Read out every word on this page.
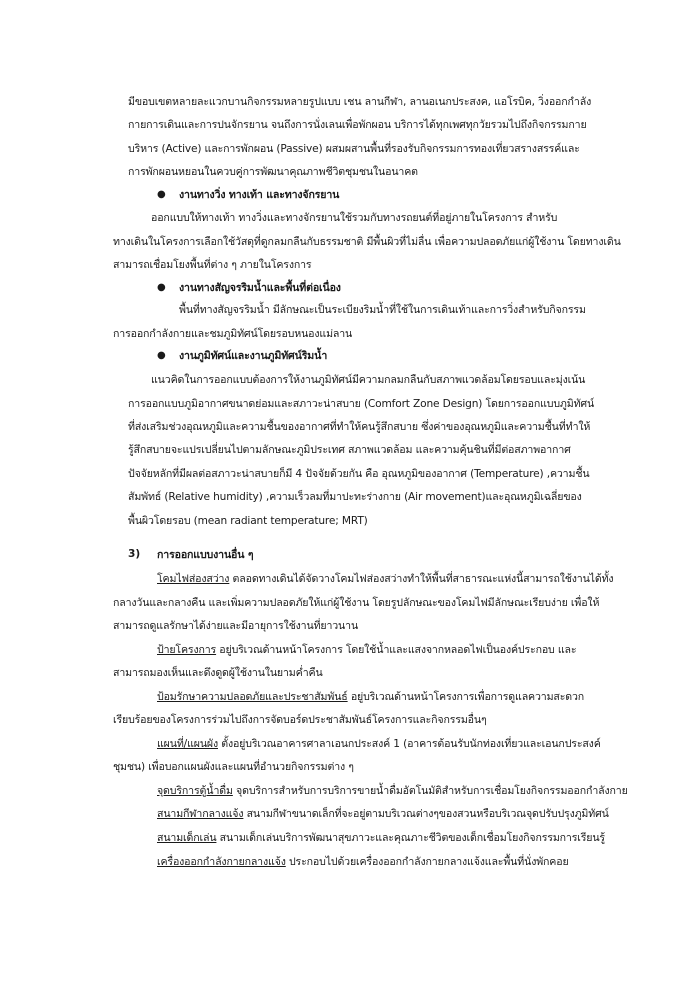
มีขอบเขตหลายละแวกบานกิจกรรมหลายรูปแบบ เชน ลานกีฬา, ลานอเนกประสงค, แอโรบิค, วิ่งออกกำลัง
กายการเดินและการปนจักรยาน จนถึงการนั่งเลนเพื่อพักผอน บริการได้ทุกเพศทุกวัยรวมไปถึงกิจกรรมกาย
บริหาร (Active) และการพักผอน (Passive) ผสมผสานพื้นที่รองรับกิจกรรมการทองเที่ยวสรางสรรค์และ
การพักผอนหยอนในควบคู่การพัฒนาคุณภาพชีวิตชุมชนในอนาคต
● งานทางวิ่ง ทางเท้า และทางจักรยาน
ออกแบบให้ทางเท้า ทางวิ่งและทางจักรยานใช้รวมกับทางรถยนต์ที่อยู่ภายในโครงการ สำหรับ
ทางเดินในโครงการเลือกใช้วัสดุที่ดูกลมกลืนกับธรรมชาติ มีพื้นผิวที่ไม่ลื่น เพื่อความปลอดภัยแก่ผู้ใช้งาน โดยทางเดิน
สามารถเชื่อมโยงพื้นที่ต่าง ๆ ภายในโครงการ
● งานทางสัญจรริมน้ำและพื้นที่ต่อเนื่อง
พื้นที่ทางสัญจรริมน้ำ มีลักษณะเป็นระเบียงริมน้ำที่ใช้ในการเดินเท้าและการวิ่งสำหรับกิจกรรม
การออกกำลังกายและชมภูมิทัศน์โดยรอบหนองแม่ลาน
● งานภูมิทัศน์และงานภูมิทัศน์ริมน้ำ
แนวคิดในการออกแบบต้องการให้งานภูมิทัศน์มีความกลมกลืนกับสภาพแวดล้อมโดยรอบและมุ่งเน้น
การออกแบบภูมิอากาศขนาดย่อมและสภาวะน่าสบาย (Comfort Zone Design) โดยการออกแบบภูมิทัศน์
ที่ส่งเสริมช่วงอุณหภูมิและความชื้นของอากาศที่ทำให้คนรู้สึกสบาย ซึ่งค่าของอุณหภูมิและความชื้นที่ทำให้
รู้สึกสบายจะแปรเปลี่ยนไปตามลักษณะภูมิประเทศ สภาพแวดล้อม และความคุ้นชินที่มีต่อสภาพอากาศ
ปัจจัยหลักที่มีผลต่อสภาวะน่าสบายก็มี 4 ปัจจัยด้วยกัน คือ อุณหภูมิของอากาศ (Temperature) ,ความชื้น
สัมพัทธ์ (Relative humidity) ,ความเร็วลมที่มาปะทะร่างกาย (Air movement)และอุณหภูมิเฉลี่ยของ
พื้นผิวโดยรอบ (mean radiant temperature; MRT)
3) การออกแบบงานอื่น ๆ
โคมไฟส่องสว่าง ตลอดทางเดินได้จัดวางโคมไฟส่องสว่างทำให้พื้นที่สาธารณะแห่งนี้สามารถใช้งานได้ทั้ง
กลางวันและกลางคืน และเพิ่มความปลอดภัยให้แก่ผู้ใช้งาน โดยรูปลักษณะของโคมไฟมีลักษณะเรียบง่าย เพื่อให้
สามารถดูแลรักษาได้ง่ายและมีอายุการใช้งานที่ยาวนาน
ป้ายโครงการ อยู่บริเวณด้านหน้าโครงการ โดยใช้น้ำและแสงจากหลอดไฟเป็นองค์ประกอบ และ
สามารถมองเห็นและดึงดูดผู้ใช้งานในยามค่ำคืน
ป้อมรักษาความปลอดภัยและประชาสัมพันธ์ อยู่บริเวณด้านหน้าโครงการเพื่อการดูแลความสะดวก
เรียบร้อยของโครงการร่วมไปถึงการจัดบอร์ดประชาสัมพันธ์โครงการและกิจกรรมอื่นๆ
แผนที่/แผนผัง ตั้งอยู่บริเวณอาคารศาลาเอนกประสงค์ 1 (อาคารต้อนรับนักท่องเที่ยวและเอนกประสงค์
ชุมชน) เพื่อบอกแผนผังและแผนที่อำนวยกิจกรรมต่าง ๆ
จุดบริการตู้น้ำดื่ม จุดบริการสำหรับการบริการขายน้ำดื่มอัตโนมัติสำหรับการเชื่อมโยงกิจกรรมออกกำลังกาย
สนามกีฬากลางแจ้ง สนามกีฬาขนาดเล็กที่จะอยู่ตามบริเวณต่างๆของสวนหรือบริเวณจุดปรับปรุงภูมิทัศน์
สนามเด็กเล่น สนามเด็กเล่นบริการพัฒนาสุขภาวะและคุณภาะชีวิตของเด็กเชื่อมโยงกิจกรรมการเรียนรู้
เครื่องออกกำลังกายกลางแจ้ง ประกอบไปด้วยเครื่องออกกำลังกายกลางแจ้งและพื้นที่นั่งพักคอย
